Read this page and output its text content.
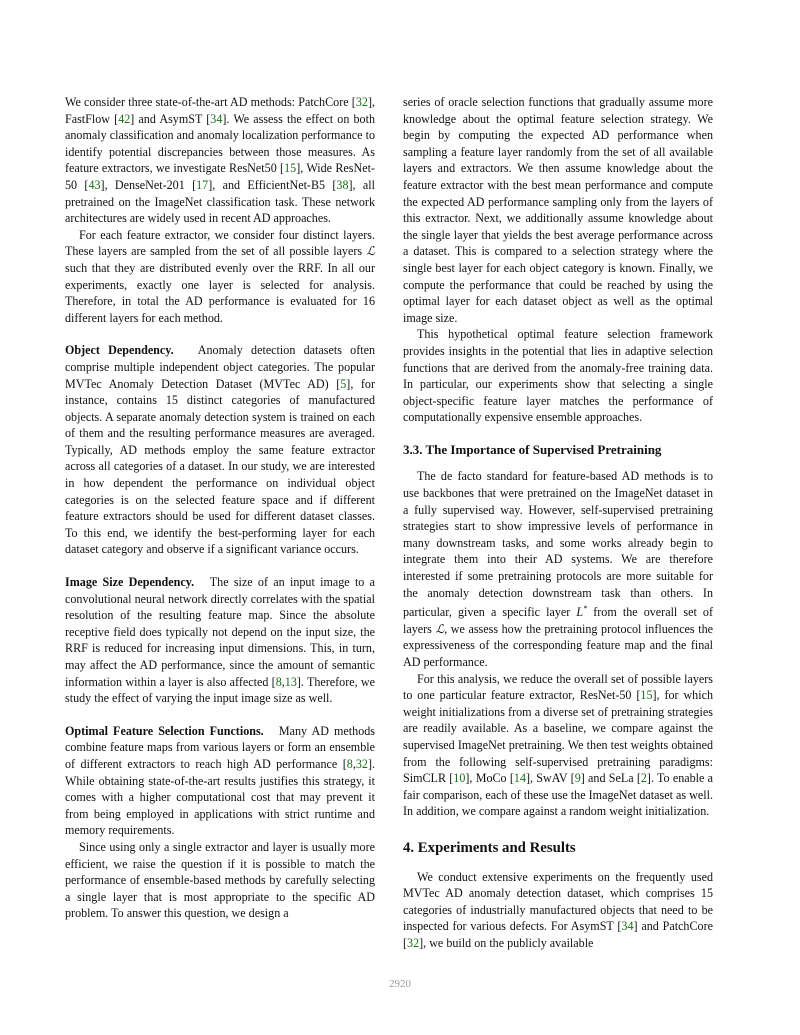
We consider three state-of-the-art AD methods: PatchCore [32], FastFlow [42] and AsymST [34]. We assess the effect on both anomaly classification and anomaly localization performance to identify potential discrepancies between those measures. As feature extractors, we investigate ResNet50 [15], Wide ResNet-50 [43], DenseNet-201 [17], and EfficientNet-B5 [38], all pretrained on the ImageNet classification task. These network architectures are widely used in recent AD approaches.

For each feature extractor, we consider four distinct layers. These layers are sampled from the set of all possible layers ℒ such that they are distributed evenly over the RRF. In all our experiments, exactly one layer is selected for analysis. Therefore, in total the AD performance is evaluated for 16 different layers for each method.

Object Dependency. Anomaly detection datasets often comprise multiple independent object categories. The popular MVTec Anomaly Detection Dataset (MVTec AD) [5], for instance, contains 15 distinct categories of manufactured objects. A separate anomaly detection system is trained on each of them and the resulting performance measures are averaged. Typically, AD methods employ the same feature extractor across all categories of a dataset. In our study, we are interested in how dependent the performance on individual object categories is on the selected feature space and if different feature extractors should be used for different dataset classes. To this end, we identify the best-performing layer for each dataset category and observe if a significant variance occurs.

Image Size Dependency. The size of an input image to a convolutional neural network directly correlates with the spatial resolution of the resulting feature map. Since the absolute receptive field does typically not depend on the input size, the RRF is reduced for increasing input dimensions. This, in turn, may affect the AD performance, since the amount of semantic information within a layer is also affected [8,13]. Therefore, we study the effect of varying the input image size as well.

Optimal Feature Selection Functions. Many AD methods combine feature maps from various layers or form an ensemble of different extractors to reach high AD performance [8,32]. While obtaining state-of-the-art results justifies this strategy, it comes with a higher computational cost that may prevent it from being employed in applications with strict runtime and memory requirements.

Since using only a single extractor and layer is usually more efficient, we raise the question if it is possible to match the performance of ensemble-based methods by carefully selecting a single layer that is most appropriate to the specific AD problem. To answer this question, we design a

series of oracle selection functions that gradually assume more knowledge about the optimal feature selection strategy. We begin by computing the expected AD performance when sampling a feature layer randomly from the set of all available layers and extractors. We then assume knowledge about the feature extractor with the best mean performance and compute the expected AD performance sampling only from the layers of this extractor. Next, we additionally assume knowledge about the single layer that yields the best average performance across a dataset. This is compared to a selection strategy where the single best layer for each object category is known. Finally, we compute the performance that could be reached by using the optimal layer for each dataset object as well as the optimal image size.

This hypothetical optimal feature selection framework provides insights in the potential that lies in adaptive selection functions that are derived from the anomaly-free training data. In particular, our experiments show that selecting a single object-specific feature layer matches the performance of computationally expensive ensemble approaches.

3.3. The Importance of Supervised Pretraining

The de facto standard for feature-based AD methods is to use backbones that were pretrained on the ImageNet dataset in a fully supervised way. However, self-supervised pretraining strategies start to show impressive levels of performance in many downstream tasks, and some works already begin to integrate them into their AD systems. We are therefore interested if some pretraining protocols are more suitable for the anomaly detection downstream task than others. In particular, given a specific layer L* from the overall set of layers ℒ, we assess how the pretraining protocol influences the expressiveness of the corresponding feature map and the final AD performance.

For this analysis, we reduce the overall set of possible layers to one particular feature extractor, ResNet-50 [15], for which weight initializations from a diverse set of pretraining strategies are readily available. As a baseline, we compare against the supervised ImageNet pretraining. We then test weights obtained from the following self-supervised pretraining paradigms: SimCLR [10], MoCo [14], SwAV [9] and SeLa [2]. To enable a fair comparison, each of these use the ImageNet dataset as well. In addition, we compare against a random weight initialization.

4. Experiments and Results

We conduct extensive experiments on the frequently used MVTec AD anomaly detection dataset, which comprises 15 categories of industrially manufactured objects that need to be inspected for various defects. For AsymST [34] and PatchCore [32], we build on the publicly available

2920
